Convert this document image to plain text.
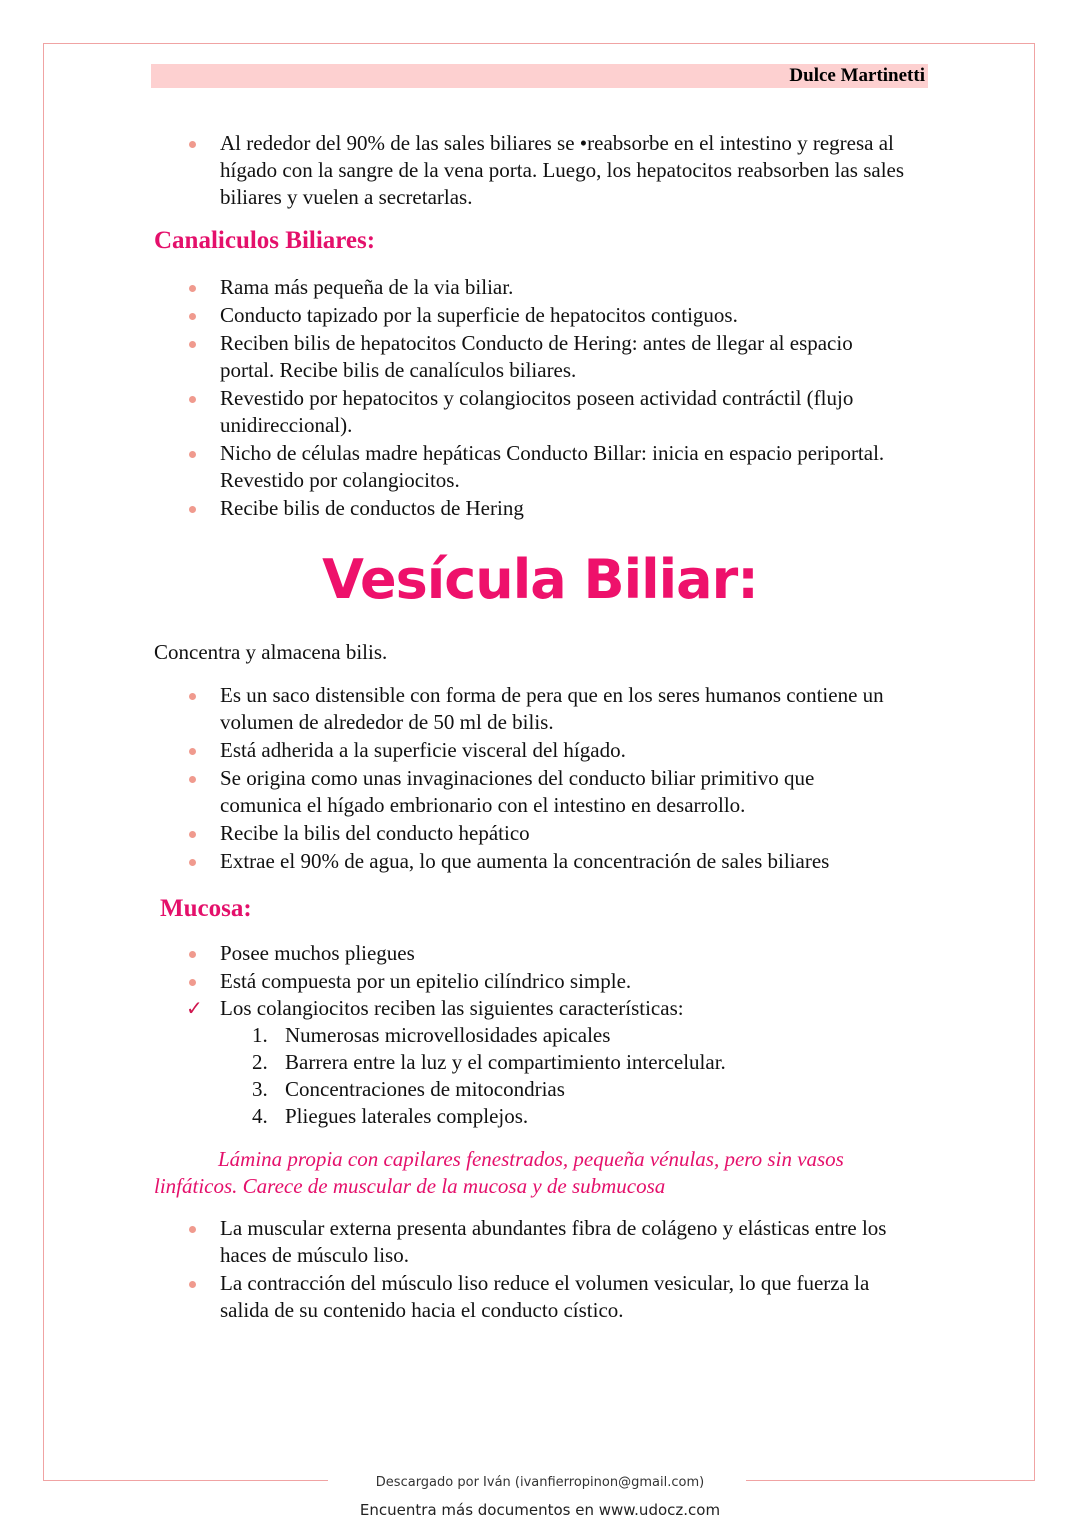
Dulce Martinetti
Al rededor del 90% de las sales biliares se •reabsorbe en el intestino y regresa al hígado con la sangre de la vena porta. Luego, los hepatocitos reabsorben las sales biliares y vuelen a secretarlas.
Canaliculos Biliares:
Rama más pequeña de la via biliar.
Conducto tapizado por la superficie de hepatocitos contiguos.
Reciben bilis de hepatocitos Conducto de Hering: antes de llegar al espacio portal. Recibe bilis de canalículos biliares.
Revestido por hepatocitos y colangiocitos poseen actividad contráctil (flujo unidireccional).
Nicho de células madre hepáticas Conducto Billar: inicia en espacio periportal. Revestido por colangiocitos.
Recibe bilis de conductos de Hering
Vesícula Biliar:
Concentra y almacena bilis.
Es un saco distensible con forma de pera que en los seres humanos contiene un volumen de alrededor de 50 ml de bilis.
Está adherida a la superficie visceral del hígado.
Se origina como unas invaginaciones del conducto biliar primitivo que comunica el hígado embrionario con el intestino en desarrollo.
Recibe la bilis del conducto hepático
Extrae el 90% de agua, lo que aumenta la concentración de sales biliares
Mucosa:
Posee muchos pliegues
Está compuesta por un epitelio cilíndrico simple.
✓ Los colangiocitos reciben las siguientes características:
1. Numerosas microvellosidades apicales
2. Barrera entre la luz y el compartimiento intercelular.
3. Concentraciones de mitocondrias
4. Pliegues laterales complejos.
Lámina propia con capilares fenestrados, pequeña vénulas, pero sin vasos linfáticos. Carece de muscular de la mucosa y de submucosa
La muscular externa presenta abundantes fibra de colágeno y elásticas entre los haces de músculo liso.
La contracción del músculo liso reduce el volumen vesicular, lo que fuerza la salida de su contenido hacia el conducto cístico.
Descargado por Iván (ivanfierropinon@gmail.com)
Encuentra más documentos en www.udocz.com
